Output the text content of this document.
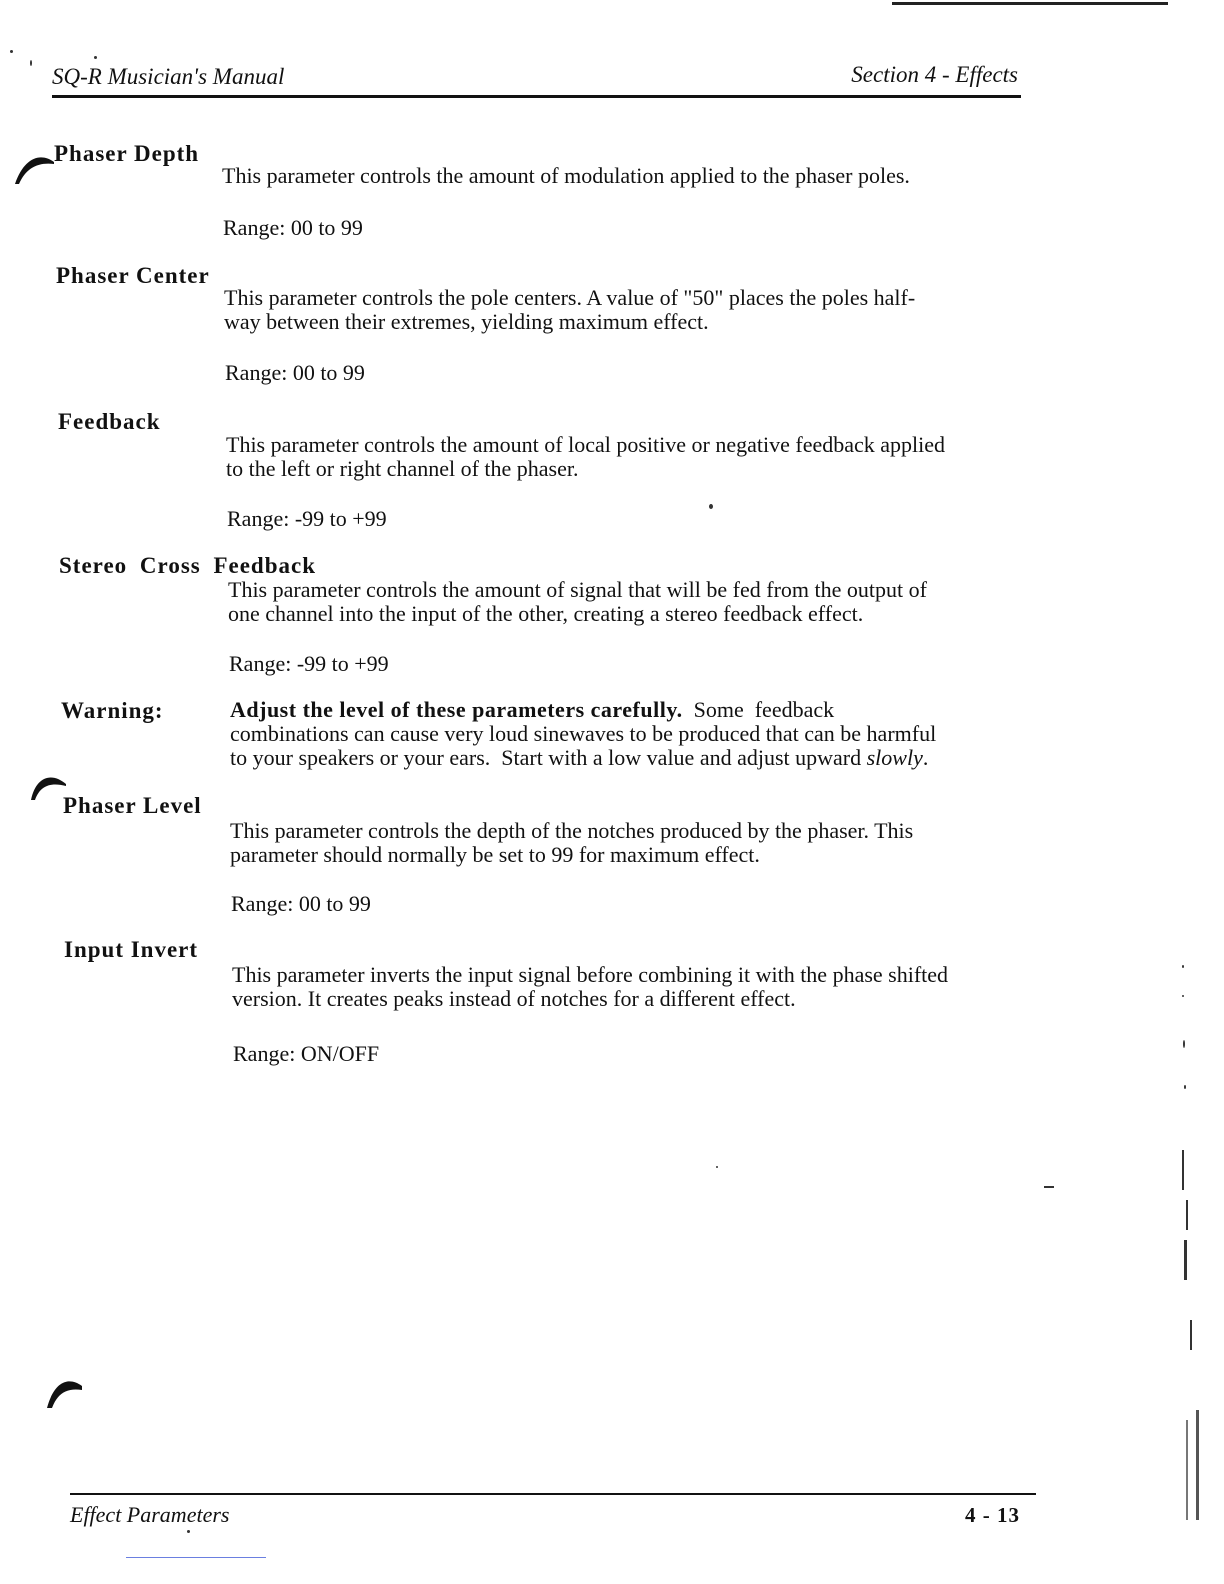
SQ-R Musician's Manual	Section 4 - Effects
Phaser Depth
This parameter controls the amount of modulation applied to the phaser poles.
Range: 00 to 99
Phaser Center
This parameter controls the pole centers. A value of "50" places the poles half-
way between their extremes, yielding maximum effect.
Range: 00 to 99
Feedback
This parameter controls the amount of local positive or negative feedback applied
to the left or right channel of the phaser.
Range: -99 to +99
Stereo Cross Feedback
This parameter controls the amount of signal that will be fed from the output of
one channel into the input of the other, creating a stereo feedback effect.
Range: -99 to +99
Warning:	Adjust the level of these parameters carefully.  Some  feedback
combinations can cause very loud sinewaves to be produced that can be harmful
to your speakers or your ears.  Start with a low value and adjust upward slowly.
Phaser Level
This parameter controls the depth of the notches produced by the phaser. This
parameter should normally be set to 99 for maximum effect.
Range: 00 to 99
Input Invert
This parameter inverts the input signal before combining it with the phase shifted
version. It creates peaks instead of notches for a different effect.
Range: ON/OFF
Effect Parameters	4 - 13
